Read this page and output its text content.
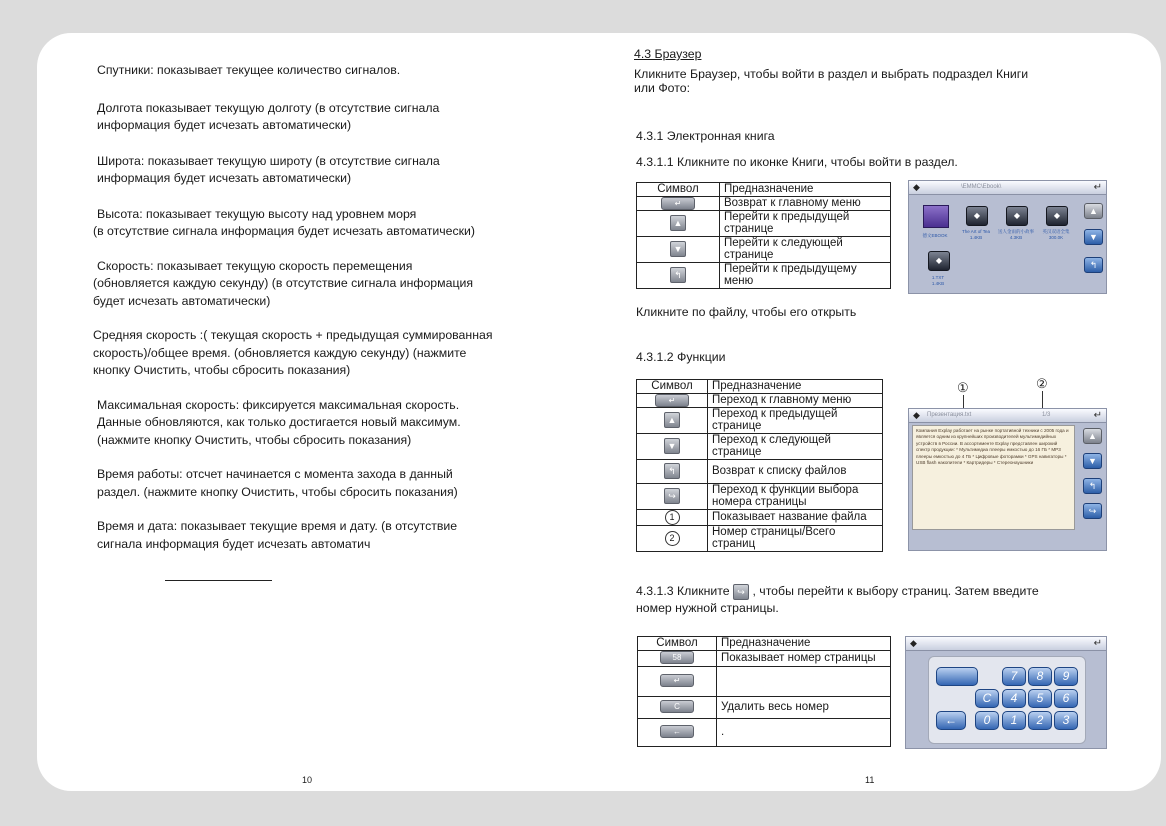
Спутники: показывает текущее количество сигналов.
Долгота показывает текущую долготу (в отсутствие сигнала
информация будет исчезать автоматически)
Широта: показывает текущую широту (в отсутствие сигнала
информация будет исчезать автоматически)
Высота: показывает текущую высоту над уровнем моря
(в отсутствие сигнала информация будет исчезать автоматически)
Скорость: показывает текущую скорость перемещения
(обновляется каждую секунду) (в отсутствие сигнала информация
будет исчезать автоматически)
Средняя скорость :( текущая скорость + предыдущая суммированная
скорость)/общее время. (обновляется каждую секунду) (нажмите
кнопку Очистить, чтобы сбросить показания)
Максимальная скорость: фиксируется максимальная скорость.
Данные обновляются, как только достигается новый максимум.
(нажмите кнопку Очистить, чтобы сбросить показания)
Время работы: отсчет начинается с момента захода в данный
раздел. (нажмите кнопку Очистить, чтобы сбросить показания)
Время и дата: показывает текущие время и дату. (в отсутствие
сигнала информация будет исчезать автоматич
10
4.3 Браузер
Кликните Браузер, чтобы войти в раздел и выбрать подраздел Книги
или Фото:
4.3.1 Электронная книга
4.3.1.1 Кликните по иконке Книги, чтобы войти в раздел.
Символ	Предназначение
↵	Возврат к главному меню

▲	Перейти к предыдущей
странице

▼	Перейти к следующей
странице

↰	Перейти к предыдущему
меню
Кликните по файлу, чтобы его открыть
4.3.1.2 Функции
Символ	Предназначение
↵	Переход к главному меню

▲	Переход к предыдущей
странице

▼	Переход к следующей
странице

↰	Возврат к списку файлов

↪	Переход к функции выбора
номера страницы

1	Показывает название файла

2	Номер страницы/Всего
страниц
4.3.1.3 Кликните ↪ , чтобы перейти к выбору страниц. Затем введите
номер нужной страницы.
Символ	Предназначение
58	Показывает номер страницы

↵	

C	Удалить весь номер

←	.
11
◆	\EMMC\Ebook\	↵
◆	◆	◆
◆
德文EBOOK
The Art of Tea
1.4KB
送人金雨的小故事
4.3KB
英汉双语全集
300.0K
1.TXT
1.4KB
▲
▼
↰
①	②
◆ Презентация.txt	1/3	↵
Компания Explay работает на рынке портативной техники с 2005 года и является одним из крупнейших производителей мультимедийных устройств в России. В ассортименте Explay представлен широкий спектр продукции: * Мультимедиа плееры емкостью до 16 ГБ * MP3 плееры емкостью до 4 ГБ * Цифровые фоторамки * GPS навигаторы * USB flash накопители * Картридеры * Стереонаушники
▲
▼
↰
↪
◆	↵
7	8	9
C	4	5	6
←	0	1	2	3
